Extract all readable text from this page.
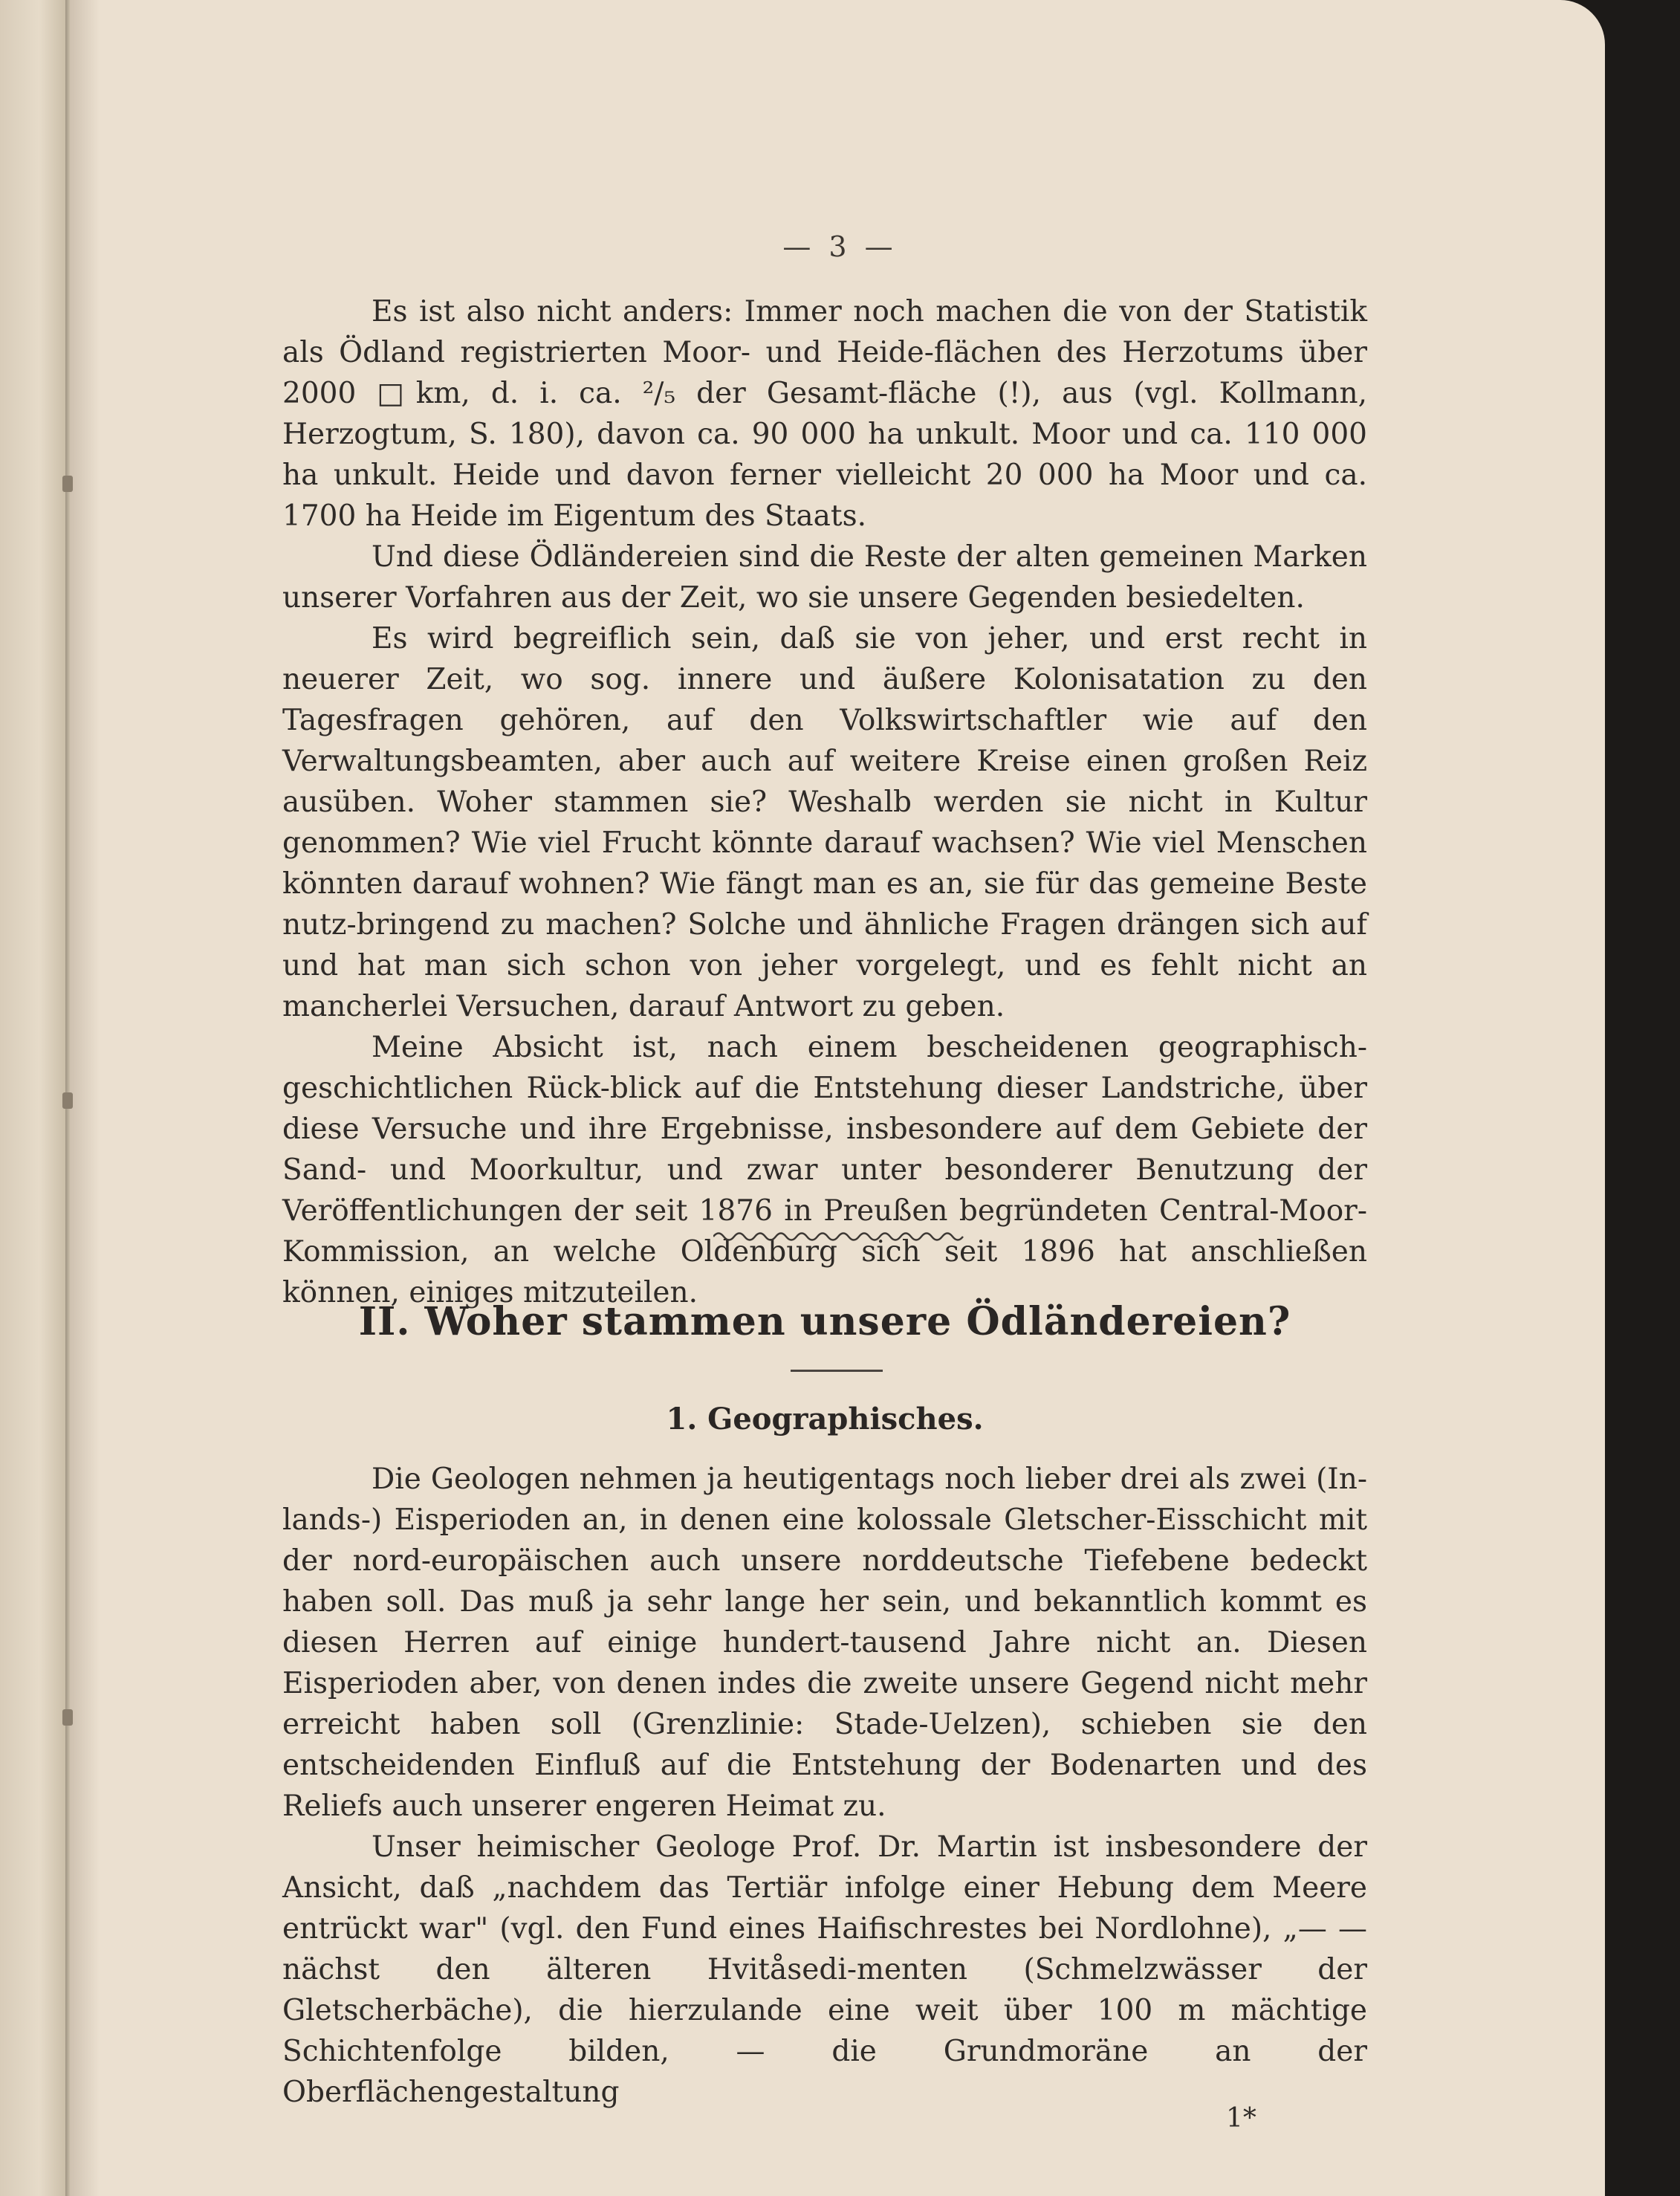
— 3 —

Es ist also nicht anders: Immer noch machen die von der Statistik als Ödland registrierten Moor- und Heide-flächen des Herzotums über 2000 □km, d. i. ca. ²/₅ der Gesamt-fläche (!), aus (vgl. Kollmann, Herzogtum, S. 180), davon ca. 90 000 ha unkult. Moor und ca. 110 000 ha unkult. Heide und davon ferner vielleicht 20 000 ha Moor und ca. 1700 ha Heide im Eigentum des Staats.

Und diese Ödländereien sind die Reste der alten gemeinen Marken unserer Vorfahren aus der Zeit, wo sie unsere Gegenden besiedelten.

Es wird begreiflich sein, daß sie von jeher, und erst recht in neuerer Zeit, wo sog. innere und äußere Kolonisatation zu den Tagesfragen gehören, auf den Volkswirtschaftler wie auf den Verwaltungsbeamten, aber auch auf weitere Kreise einen großen Reiz ausüben. Woher stammen sie? Weshalb werden sie nicht in Kultur genommen? Wie viel Frucht könnte darauf wachsen? Wie viel Menschen könnten darauf wohnen? Wie fängt man es an, sie für das gemeine Beste nutz-bringend zu machen? Solche und ähnliche Fragen drängen sich auf und hat man sich schon von jeher vorgelegt, und es fehlt nicht an mancherlei Versuchen, darauf Antwort zu geben.

Meine Absicht ist, nach einem bescheidenen geographisch-geschichtlichen Rück-blick auf die Entstehung dieser Landstriche, über diese Versuche und ihre Ergebnisse, insbesondere auf dem Gebiete der Sand- und Moorkultur, und zwar unter besonderer Benutzung der Veröffentlichungen der seit 1876 in Preußen begründeten Central-Moor-Kommission, an welche Oldenburg sich seit 1896 hat anschließen können, einiges mitzuteilen.

II. Woher stammen unsere Ödländereien?
1. Geographisches.

Die Geologen nehmen ja heutigentags noch lieber drei als zwei (In-lands-) Eisperioden an, in denen eine kolossale Gletscher-Eisschicht mit der nord-europäischen auch unsere norddeutsche Tiefebene bedeckt haben soll. Das muß ja sehr lange her sein, und bekanntlich kommt es diesen Herren auf einige hundert-tausend Jahre nicht an. Diesen Eisperioden aber, von denen indes die zweite unsere Gegend nicht mehr erreicht haben soll (Grenzlinie: Stade-Uelzen), schieben sie den entscheidenden Einfluß auf die Entstehung der Bodenarten und des Reliefs auch unserer engeren Heimat zu.

Unser heimischer Geologe Prof. Dr. Martin ist insbesondere der Ansicht, daß „nachdem das Tertiär infolge einer Hebung dem Meere entrückt war" (vgl. den Fund eines Haifischrestes bei Nordlohne), „— — nächst den älteren Hvitåsedi-menten (Schmelzwässer der Gletscherbäche), die hierzulande eine weit über 100 m mächtige Schichtenfolge bilden, — die Grundmoräne an der Oberflächengestaltung

1*
